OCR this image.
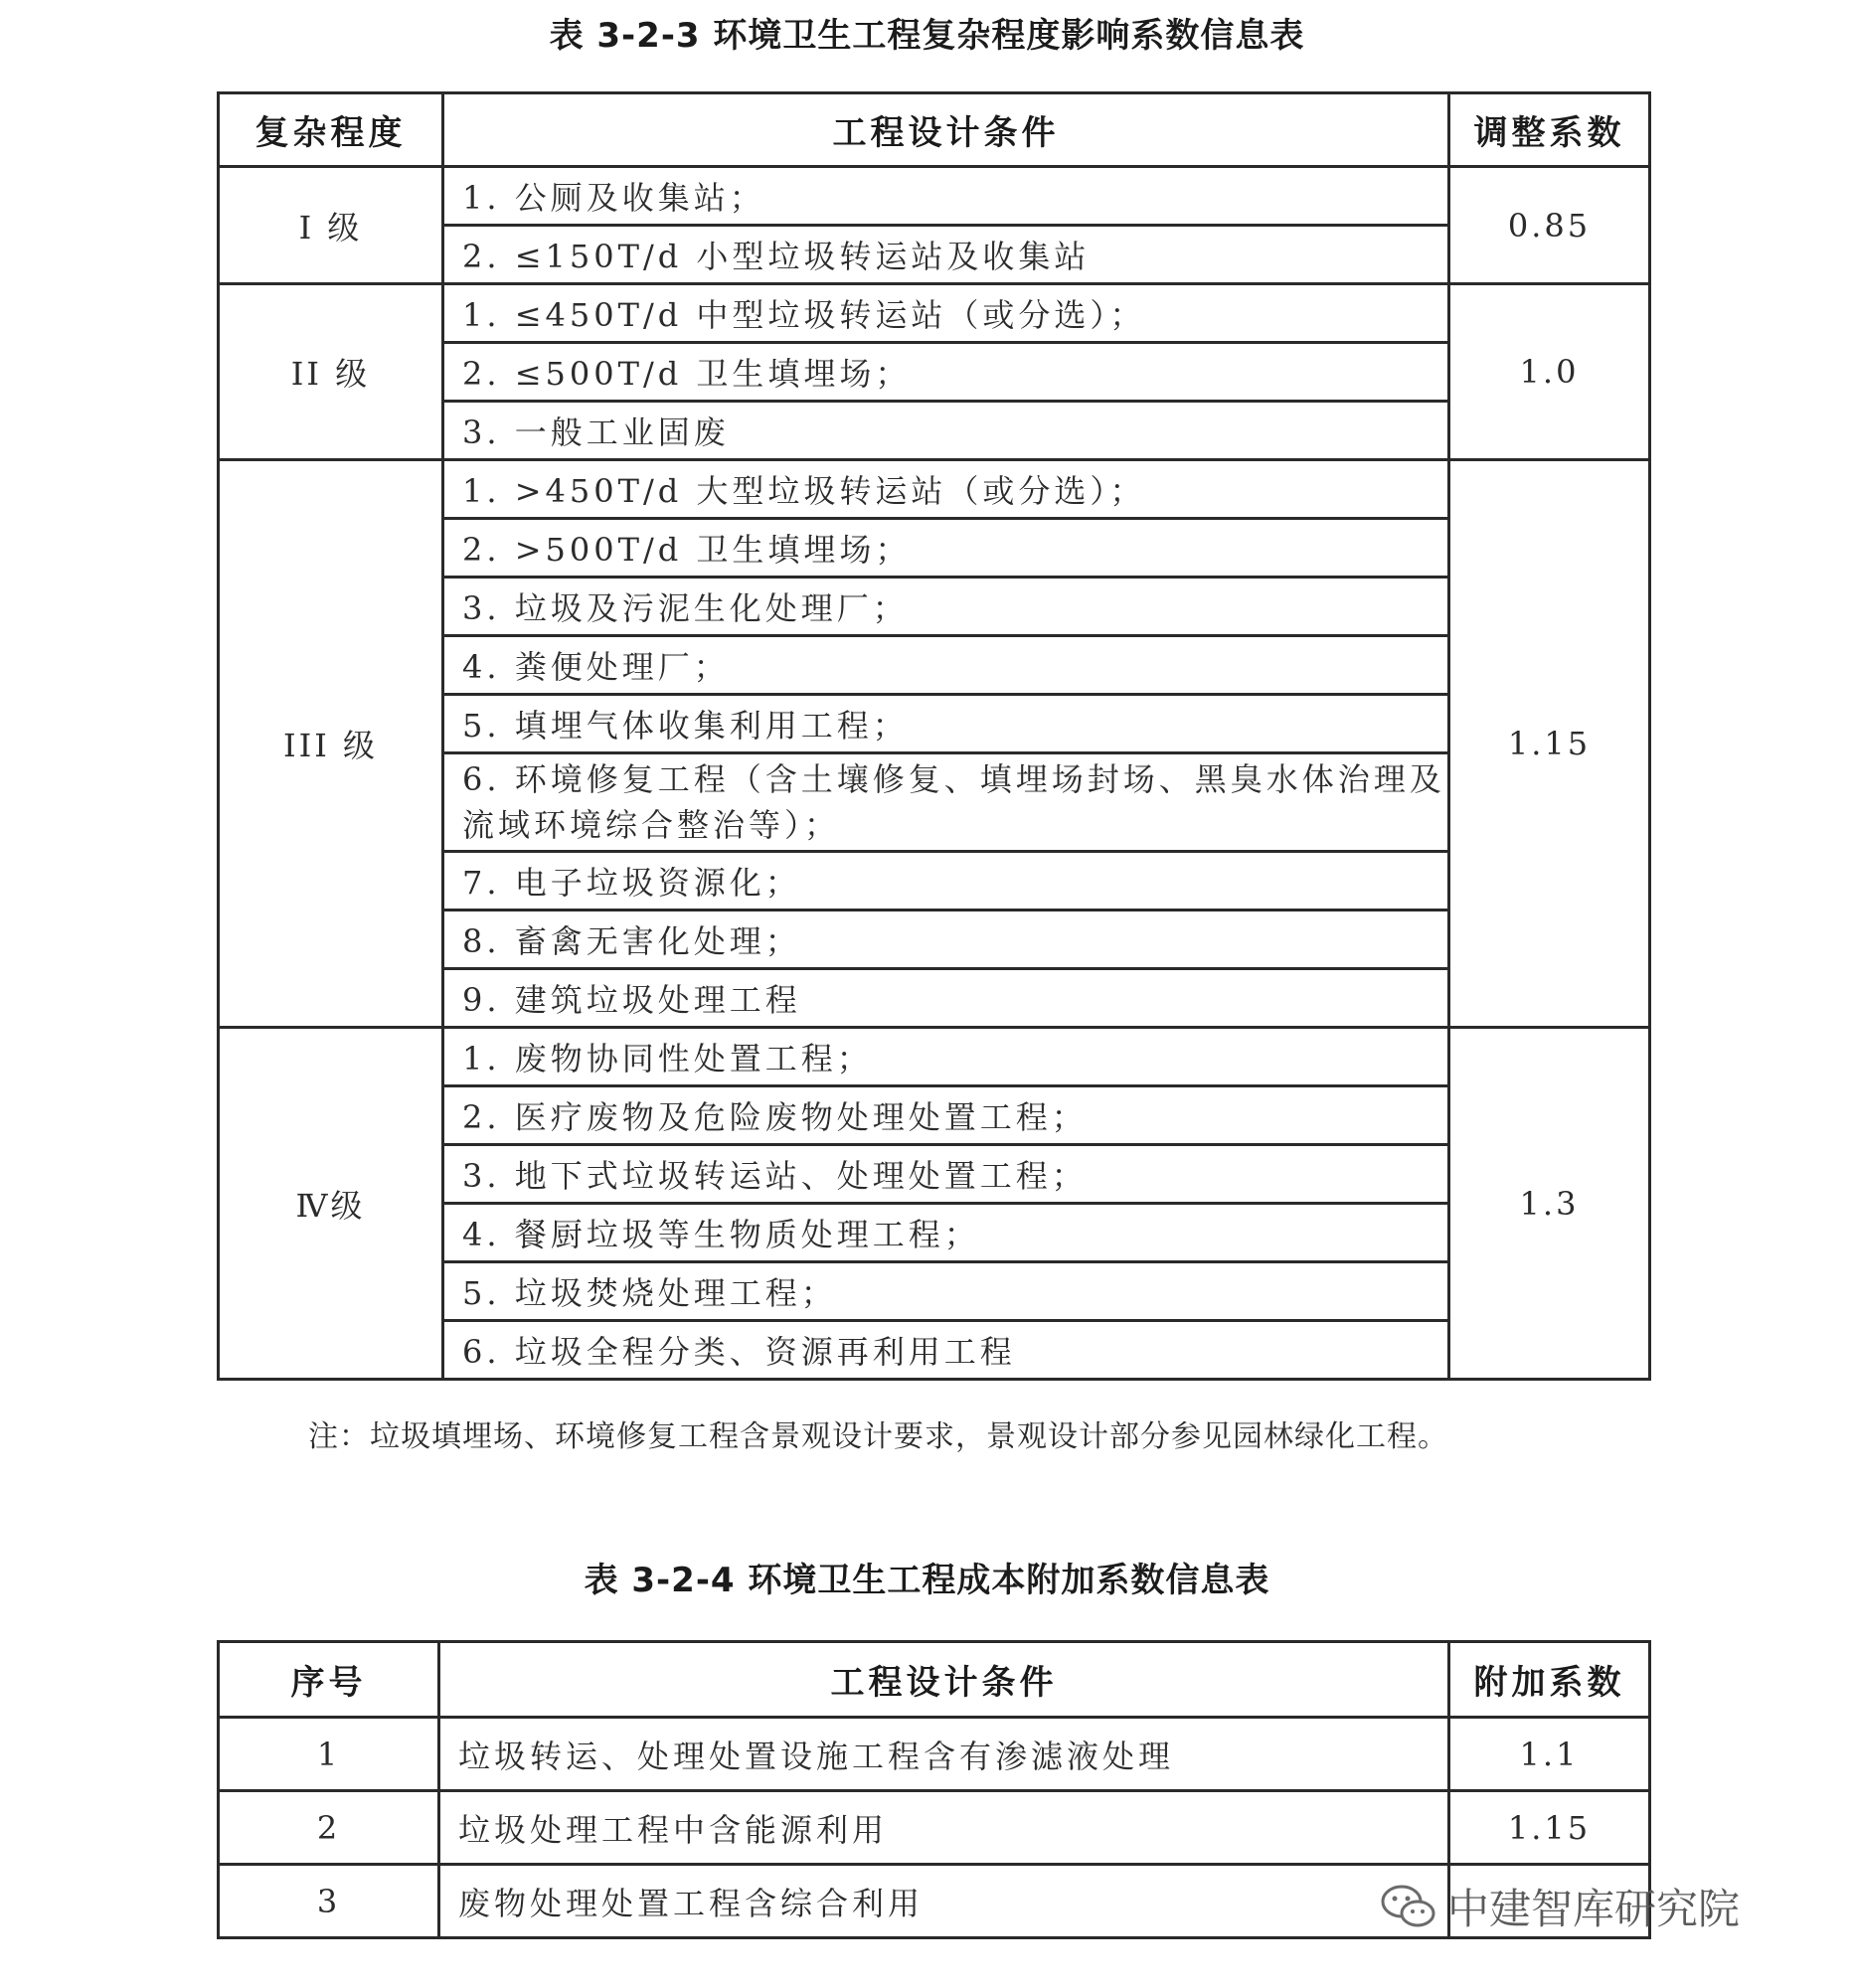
表 3-2-3 环境卫生工程复杂程度影响系数信息表
复杂程度	工程设计条件	调整系数
I 级	1. 公厕及收集站；	0.85
	2. ≤150T/d 小型垃圾转运站及收集站	
II 级	1. ≤450T/d 中型垃圾转运站（或分选）；	1.0
	2. ≤500T/d 卫生填埋场；	
	3. 一般工业固废	
III 级	1. >450T/d 大型垃圾转运站（或分选）；	1.15
	2. >500T/d 卫生填埋场；	
	3. 垃圾及污泥生化处理厂；	
	4. 粪便处理厂；	
	5. 填埋气体收集利用工程；	
	6. 环境修复工程（含土壤修复、填埋场封场、黑臭水体治理及流域环境综合整治等）；	
	7. 电子垃圾资源化；	
	8. 畜禽无害化处理；	
	9. 建筑垃圾处理工程	
Ⅳ级	1. 废物协同性处置工程；	1.3
	2. 医疗废物及危险废物处理处置工程；	
	3. 地下式垃圾转运站、处理处置工程；	
	4. 餐厨垃圾等生物质处理工程；	
	5. 垃圾焚烧处理工程；	
	6. 垃圾全程分类、资源再利用工程	
注：垃圾填埋场、环境修复工程含景观设计要求，景观设计部分参见园林绿化工程。
表 3-2-4 环境卫生工程成本附加系数信息表
序号	工程设计条件	附加系数
1	垃圾转运、处理处置设施工程含有渗滤液处理	1.1
2	垃圾处理工程中含能源利用	1.15
3	废物处理处置工程含综合利用		中建智库研究院
